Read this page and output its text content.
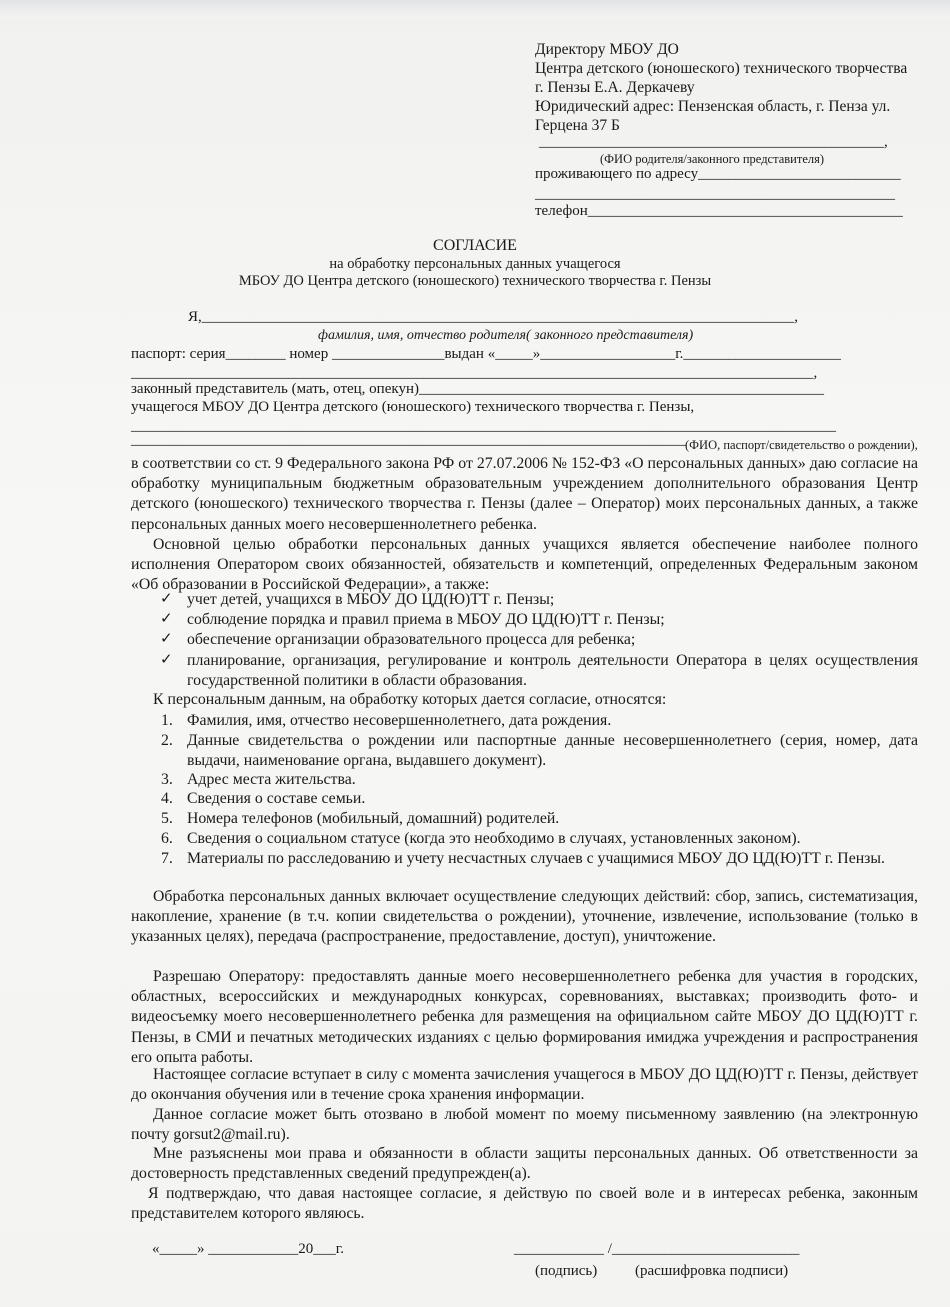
Директору МБОУ ДО
Центра детского (юношеского) технического творчества
г. Пензы Е.А. Деркачеву
Юридический адрес: Пензенская область, г. Пенза ул.
Герцена 37 Б
______________________________________________,
(ФИО родителя/законного представителя)
проживающего по адресу___________________________
________________________________________________
телефон__________________________________________
СОГЛАСИЕ
на обработку персональных данных учащегося
МБОУ ДО Центра детского (юношеского) технического творчества г. Пензы
Я,_______________________________________________________________________________,
фамилия, имя, отчество родителя( законного представителя)
паспорт: серия________ номер _______________выдан «_____»__________________г._____________________
___________________________________________________________________________________________,
законный представитель (мать, отец, опекун)______________________________________________________
учащегося МБОУ ДО Центра детского (юношеского) технического творчества г. Пензы,
______________________________________________________________________________________________
__________________________________________________________________________ (ФИО, паспорт/свидетельство о рождении),
в соответствии со ст. 9 Федерального закона РФ от 27.07.2006 № 152-ФЗ «О персональных данных» даю согласие на обработку муниципальным бюджетным образовательным учреждением дополнительного образования Центр детского (юношеского) технического творчества г. Пензы (далее – Оператор) моих персональных данных, а также персональных данных моего несовершеннолетнего ребенка.
Основной целью обработки персональных данных учащихся является обеспечение наиболее полного исполнения Оператором своих обязанностей, обязательств и компетенций, определенных Федеральным законом «Об образовании в Российской Федерации», а также:
✓ учет детей, учащихся в МБОУ ДО ЦД(Ю)ТТ г. Пензы;
✓ соблюдение порядка и правил приема в МБОУ ДО ЦД(Ю)ТТ г. Пензы;
✓ обеспечение организации образовательного процесса для ребенка;
✓ планирование, организация, регулирование и контроль деятельности Оператора в целях осуществления государственной политики в области образования.
К персональным данным, на обработку которых дается согласие, относятся:
1. Фамилия, имя, отчество несовершеннолетнего, дата рождения.
2. Данные свидетельства о рождении или паспортные данные несовершеннолетнего (серия, номер, дата выдачи, наименование органа, выдавшего документ).
3. Адрес места жительства.
4. Сведения о составе семьи.
5. Номера телефонов (мобильный, домашний) родителей.
6. Сведения о социальном статусе (когда это необходимо в случаях, установленных законом).
7. Материалы по расследованию и учету несчастных случаев с учащимися МБОУ ДО ЦД(Ю)ТТ г. Пензы.
Обработка персональных данных включает осуществление следующих действий: сбор, запись, систематизация, накопление, хранение (в т.ч. копии свидетельства о рождении), уточнение, извлечение, использование (только в указанных целях), передача (распространение, предоставление, доступ), уничтожение.
Разрешаю Оператору: предоставлять данные моего несовершеннолетнего ребенка для участия в городских, областных, всероссийских и международных конкурсах, соревнованиях, выставках; производить фото- и видеосъемку моего несовершеннолетнего ребенка для размещения на официальном сайте МБОУ ДО ЦД(Ю)ТТ г. Пензы, в СМИ и печатных методических изданиях с целью формирования имиджа учреждения и распространения его опыта работы.
Настоящее согласие вступает в силу с момента зачисления учащегося в МБОУ ДО ЦД(Ю)ТТ г. Пензы, действует до окончания обучения или в течение срока хранения информации.
Данное согласие может быть отозвано в любой момент по моему письменному заявлению (на электронную почту gorsut2@mail.ru).
Мне разъяснены мои права и обязанности в области защиты персональных данных. Об ответственности за достоверность представленных сведений предупрежден(а).
Я подтверждаю, что давая настоящее согласие, я действую по своей воле и в интересах ребенка, законным представителем которого являюсь.
«_____» ____________20___г.	____________ /_________________________
(подпись)	(расшифровка подписи)
